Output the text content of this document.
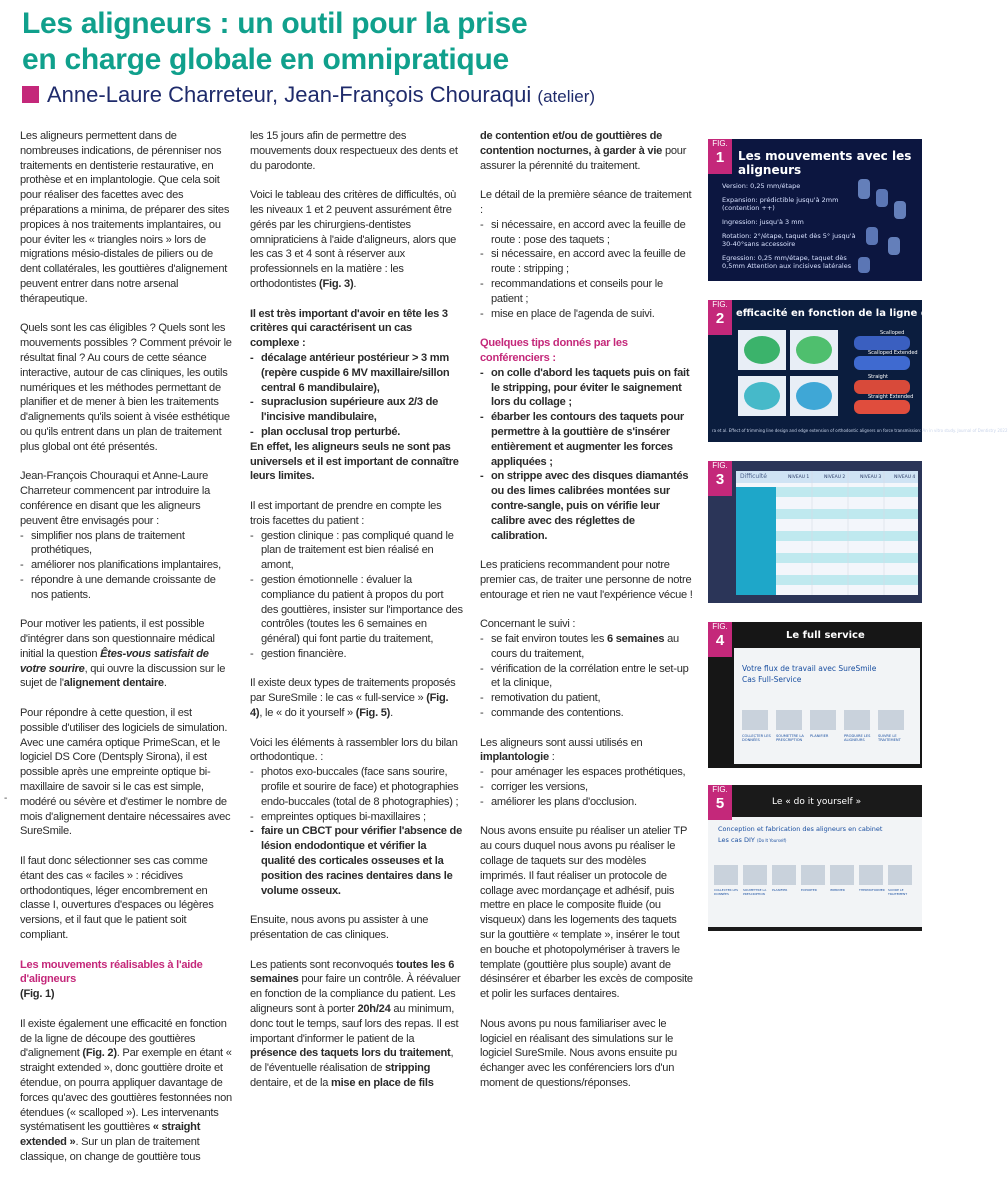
Les aligneurs : un outil pour la prise
en charge globale en omnipratique
Anne-Laure Charreteur, Jean-François Chouraqui (atelier)
-

Les aligneurs permettent dans de nombreuses indications, de pérenniser nos traitements en dentisterie restaurative, en prothèse et en implantologie. Que cela soit pour réaliser des facettes avec des préparations a minima, de préparer des sites propices à nos traitements implantaires, ou pour éviter les « triangles noirs » lors de migrations mésio-distales de piliers ou de dent collatérales, les gouttières d'alignement peuvent entrer dans notre arsenal thérapeutique.

Quels sont les cas éligibles ? Quels sont les mouvements possibles ? Comment prévoir le résultat final ? Au cours de cette séance interactive, autour de cas cliniques, les outils numériques et les méthodes permettant de planifier et de mener à bien les traitements d'alignements qu'ils soient à visée esthétique ou qu'ils entrent dans un plan de traitement plus global ont été présentés.

Jean-François Chouraqui et Anne-Laure Charreteur commencent par introduire la conférence en disant que les aligneurs peuvent être envisagés pour :

- simplifier nos plans de traitement prothétiques,
- améliorer nos planifications implantaires,
- répondre à une demande croissante de nos patients.

Pour motiver les patients, il est possible d'intégrer dans son questionnaire médical initial la question Êtes-vous satisfait de votre sourire, qui ouvre la discussion sur le sujet de l'alignement dentaire.

Pour répondre à cette question, il est possible d'utiliser des logiciels de simulation. Avec une caméra optique PrimeScan, et le logiciel DS Core (Dentsply Sirona), il est possible après une empreinte optique bi-maxillaire de savoir si le cas est simple, modéré ou sévère et d'estimer le nombre de mois d'alignement dentaire nécessaires avec SureSmile.

Il faut donc sélectionner ses cas comme étant des cas « faciles » : récidives orthodontiques, léger encombrement en classe I, ouvertures d'espaces ou légères versions, et il faut que le patient soit compliant.

Les mouvements réalisables à l'aide d'aligneurs
(Fig. 1)

Il existe également une efficacité en fonction de la ligne de découpe des gouttières d'alignement (Fig. 2). Par exemple en étant « straight extended », donc gouttière droite et étendue, on pourra appliquer davantage de forces qu'avec des gouttières festonnées non étendues (« scalloped »). Les intervenants systématisent les gouttières « straight extended ». Sur un plan de traitement classique, on change de gouttière tous

les 15 jours afin de permettre des mouvements doux respectueux des dents et du parodonte.

Voici le tableau des critères de difficultés, où les niveaux 1 et 2 peuvent assurément être gérés par les chirurgiens-dentistes omnipraticiens à l'aide d'aligneurs, alors que les cas 3 et 4 sont à réserver aux professionnels en la matière : les orthodontistes (Fig. 3).

Il est très important d'avoir en tête les 3 critères qui caractérisent un cas complexe :

- décalage antérieur postérieur > 3 mm (repère cuspide 6 MV maxillaire/sillon central 6 mandibulaire),
- supraclusion supérieure aux 2/3 de l'incisive mandibulaire,
- plan occlusal trop perturbé.

En effet, les aligneurs seuls ne sont pas universels et il est important de connaître leurs limites.

Il est important de prendre en compte les trois facettes du patient :

- gestion clinique : pas compliqué quand le plan de traitement est bien réalisé en amont,
- gestion émotionnelle : évaluer la compliance du patient à propos du port des gouttières, insister sur l'importance des contrôles (toutes les 6 semaines en général) qui font partie du traitement,
- gestion financière.

Il existe deux types de traitements proposés par SureSmile : le cas « full-service » (Fig. 4), le « do it yourself » (Fig. 5).

Voici les éléments à rassembler lors du bilan orthodontique. :

- photos exo-buccales (face sans sourire, profile et sourire de face) et photographies endo-buccales (total de 8 photographies) ;
- empreintes optiques bi-maxillaires ;
- faire un CBCT pour vérifier l'absence de lésion endodontique et vérifier la qualité des corticales osseuses et la position des racines dentaires dans le volume osseux.

Ensuite, nous avons pu assister à une présentation de cas cliniques.

Les patients sont reconvoqués toutes les 6 semaines pour faire un contrôle. À réévaluer en fonction de la compliance du patient. Les aligneurs sont à porter 20h/24 au minimum, donc tout le temps, sauf lors des repas. Il est important d'informer le patient de la présence des taquets lors du traitement, de l'éventuelle réalisation de stripping dentaire, et de la mise en place de fils

de contention et/ou de gouttières de contention nocturnes, à garder à vie pour assurer la pérennité du traitement.

Le détail de la première séance de traitement :

- si nécessaire, en accord avec la feuille de route : pose des taquets ;
- si nécessaire, en accord avec la feuille de route : stripping ;
- recommandations et conseils pour le patient ;
- mise en place de l'agenda de suivi.

Quelques tips donnés par les conférenciers :

- on colle d'abord les taquets puis on fait le stripping, pour éviter le saignement lors du collage ;
- ébarber les contours des taquets pour permettre à la gouttière de s'insérer entièrement et augmenter les forces appliquées ;
- on strippe avec des disques diamantés ou des limes calibrées montées sur contre-sangle, puis on vérifie leur calibre avec des réglettes de calibration.

Les praticiens recommandent pour notre premier cas, de traiter une personne de notre entourage et rien ne vaut l'expérience vécue !

Concernant le suivi :

- se fait environ toutes les 6 semaines au cours du traitement,
- vérification de la corrélation entre le set-up et la clinique,
- remotivation du patient,
- commande des contentions.

Les aligneurs sont aussi utilisés en implantologie :

- pour aménager les espaces prothétiques,
- corriger les versions,
- améliorer les plans d'occlusion.

Nous avons ensuite pu réaliser un atelier TP au cours duquel nous avons pu réaliser le collage de taquets sur des modèles imprimés. Il faut réaliser un protocole de collage avec mordançage et adhésif, puis mettre en place le composite fluide (ou visqueux) dans les logements des taquets sur la gouttière « template », insérer le tout en bouche et photopolymériser à travers le template (gouttière plus souple) avant de désinsérer et ébarber les excès de composite et polir les surfaces dentaires.

Nous avons pu nous familiariser avec le logiciel en réalisant des simulations sur le logiciel SureSmile. Nous avons ensuite pu échanger avec les conférenciers lors d'un moment de questions/réponses.

FIG.
1	Les mouvements avec les aligneurs
Version: 0,25 mm/étape
Expansion: prédictible jusqu'à 2mm (contention ++)
Ingression: jusqu'à 3 mm
Rotation: 2°/étape, taquet dès 5° jusqu'à 30-40°sans accessoire
Egression: 0,25 mm/étape, taquet dès 0,5mm Attention aux incisives latérales
FIG.
2	efficacité en fonction de la ligne de découpe
Scalloped
Scalloped Extended
Straight
Straight Extended
ra et al. Effect of trimming line design and edge extension of orthodontic aligners on force transmission: An in vitro study. Journal of Dentistry 2022
FIG.
3	Difficulté	NIVEAU 1	NIVEAU 2	NIVEAU 3	NIVEAU 4
FIG.
4	Le full service
Votre flux de travail avec SureSmile
Cas Full-Service
COLLECTER LES DONNÉES
SOUMETTRE LA PRESCRIPTION
PLANIFIER	PRODUIRE LES ALIGNEURS
SUIVRE LE TRAITEMENT
FIG.
5	Le « do it yourself »
Conception et fabrication des aligneurs en cabinet
Les cas DIY (Do It Yourself)
COLLECTER LES DONNÉES
SOUMETTRE LA PRESCRIPTION
PLANIFIER	EXPORTER	IMPRIMER	THERMOFORMER SUIVRE LE TRAITEMENT
